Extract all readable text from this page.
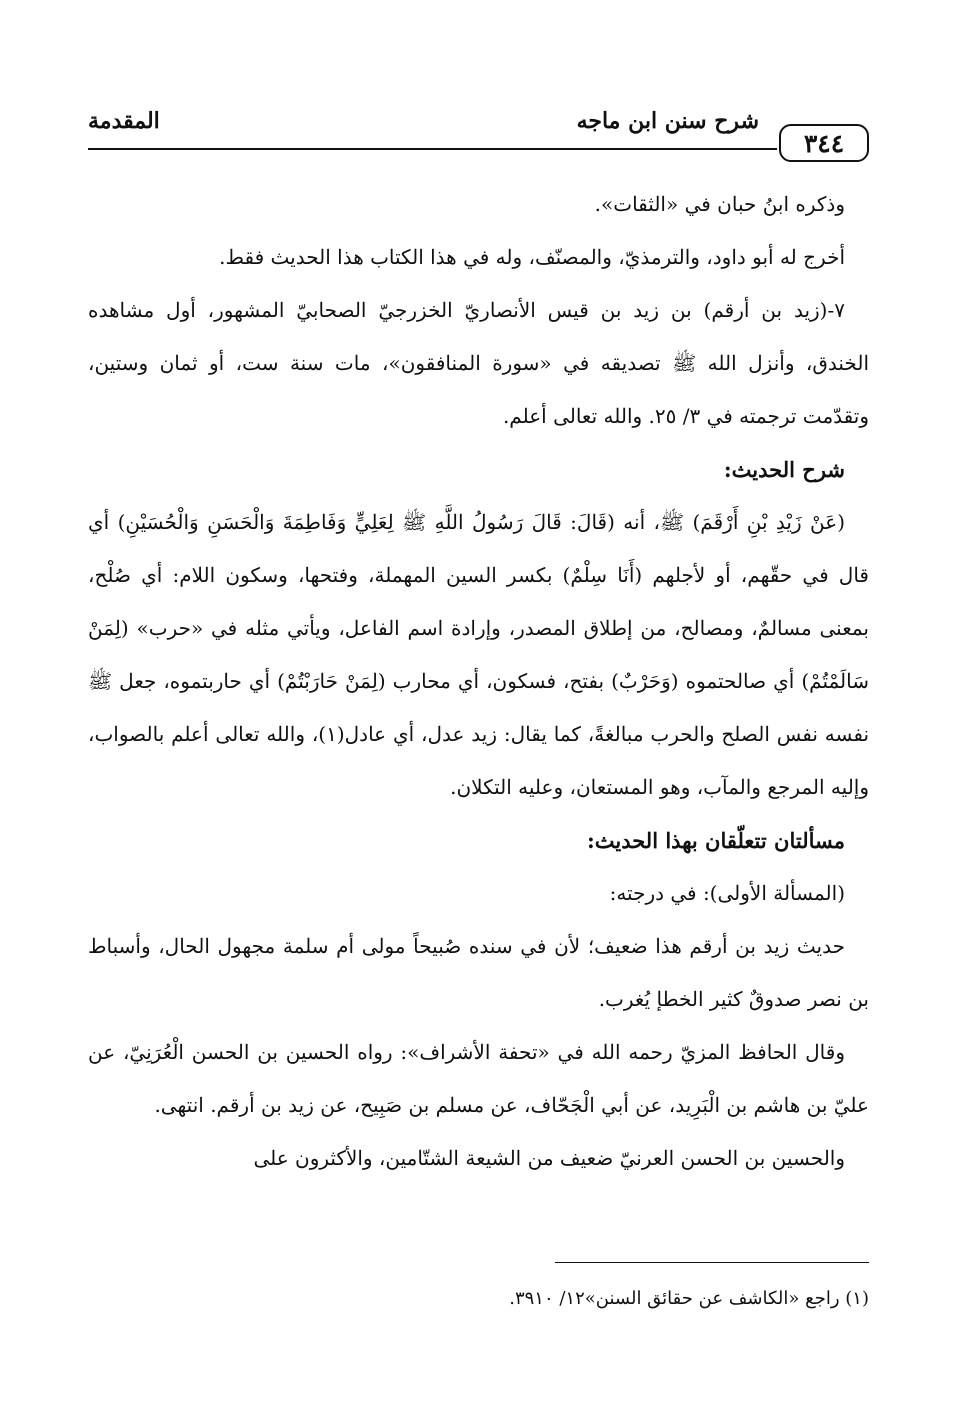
٣٤٤
شرح سنن ابن ماجه
المقدمة

وذكره ابنُ حبان في «الثقات».

أخرج له أبو داود، والترمذيّ، والمصنّف، وله في هذا الكتاب هذا الحديث فقط.

٧-(زيد بن أرقم) بن زيد بن قيس الأنصاريّ الخزرجيّ الصحابيّ المشهور، أول مشاهده الخندق، وأنزل الله ﷺ تصديقه في «سورة المنافقون»، مات سنة ست، أو ثمان وستين، وتقدّمت ترجمته في ٣/ ٢٥. والله تعالى أعلم.

شرح الحديث:

(عَنْ زَيْدِ بْنِ أَرْقَمَ) ﷺ، أنه (قَالَ: قَالَ رَسُولُ اللَّهِ ﷺ لِعَلِيٍّ وَفَاطِمَةَ وَالْحَسَنِ وَالْحُسَيْنِ) أي قال في حقّهم، أو لأجلهم (أَنَا سِلْمٌ) بكسر السين المهملة، وفتحها، وسكون اللام: أي صُلْح، بمعنى مسالمٌ، ومصالح، من إطلاق المصدر، وإرادة اسم الفاعل، ويأتي مثله في «حرب» (لِمَنْ سَالَمْتُمْ) أي صالحتموه (وَحَرْبٌ) بفتح، فسكون، أي محارب (لِمَنْ حَارَبْتُمْ) أي حاربتموه، جعل ﷺ نفسه نفس الصلح والحرب مبالغةً، كما يقال: زيد عدل، أي عادل(١)، والله تعالى أعلم بالصواب، وإليه المرجع والمآب، وهو المستعان، وعليه التكلان.

مسألتان تتعلّقان بهذا الحديث:

(المسألة الأولى): في درجته:

حديث زيد بن أرقم هذا ضعيف؛ لأن في سنده صُبيحاً مولى أم سلمة مجهول الحال، وأسباط بن نصر صدوقٌ كثير الخطإ يُغرب.

وقال الحافظ المزيّ رحمه الله في «تحفة الأشراف»: رواه الحسين بن الحسن الْعُرَنِيّ، عن عليّ بن هاشم بن الْبَرِيد، عن أبي الْجَحّاف، عن مسلم بن صَبِيح، عن زيد بن أرقم. انتهى.

والحسين بن الحسن العرنيّ ضعيف من الشيعة الشتّامين، والأكثرون على

(١) راجع «الكاشف عن حقائق السنن»١٢/ ٣٩١٠.
